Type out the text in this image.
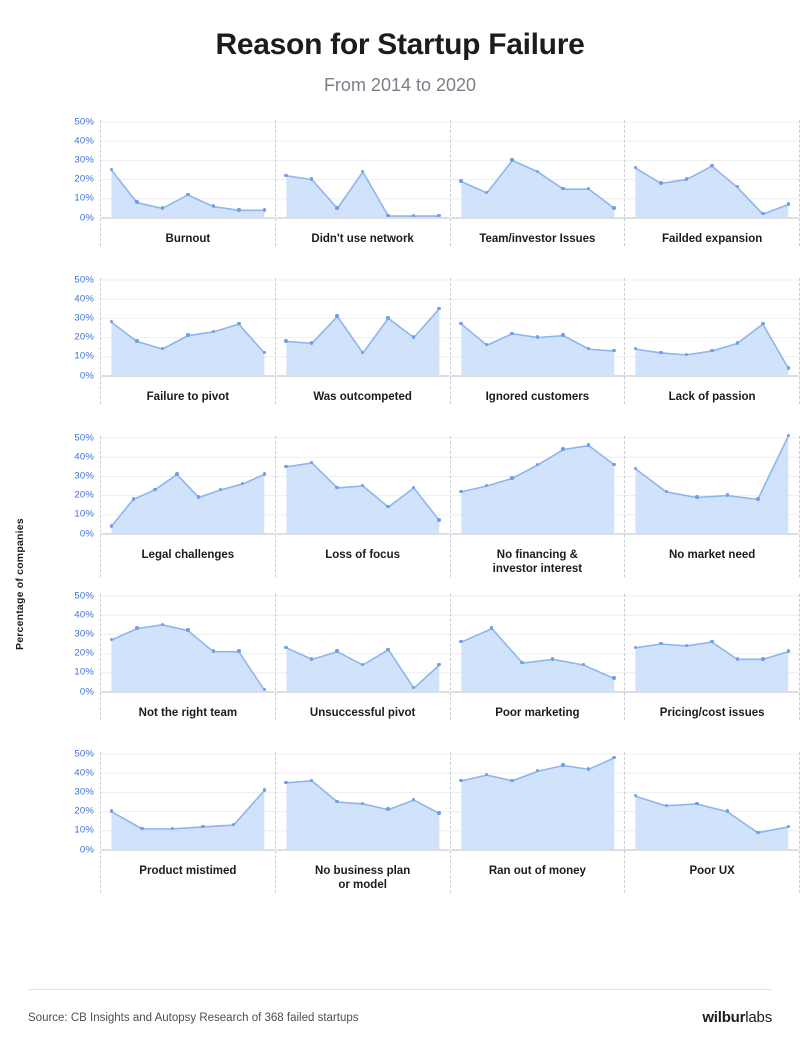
Reason for Startup Failure
From 2014 to 2020
Percentage of companies
50%
40%
30%
20%
10%
0%
Burnout	Didn't use network	Team/investor Issues	Failded expansion
50%
40%
30%
20%
10%
0%
Failure to pivot	Was outcompeted	Ignored customers	Lack of passion
50%
40%
30%
20%
10%
0%
Legal challenges	Loss of focus	No financing &
investor interest
No market need
50%
40%
30%
20%
10%
0%
Not the right team	Unsuccessful pivot	Poor marketing	Pricing/cost issues
50%
40%
30%
20%
10%
0%
Product mistimed	No business plan
or model
Ran out of money	Poor UX
Source: CB Insights and Autopsy Research of 368 failed startups	wilburlabs
